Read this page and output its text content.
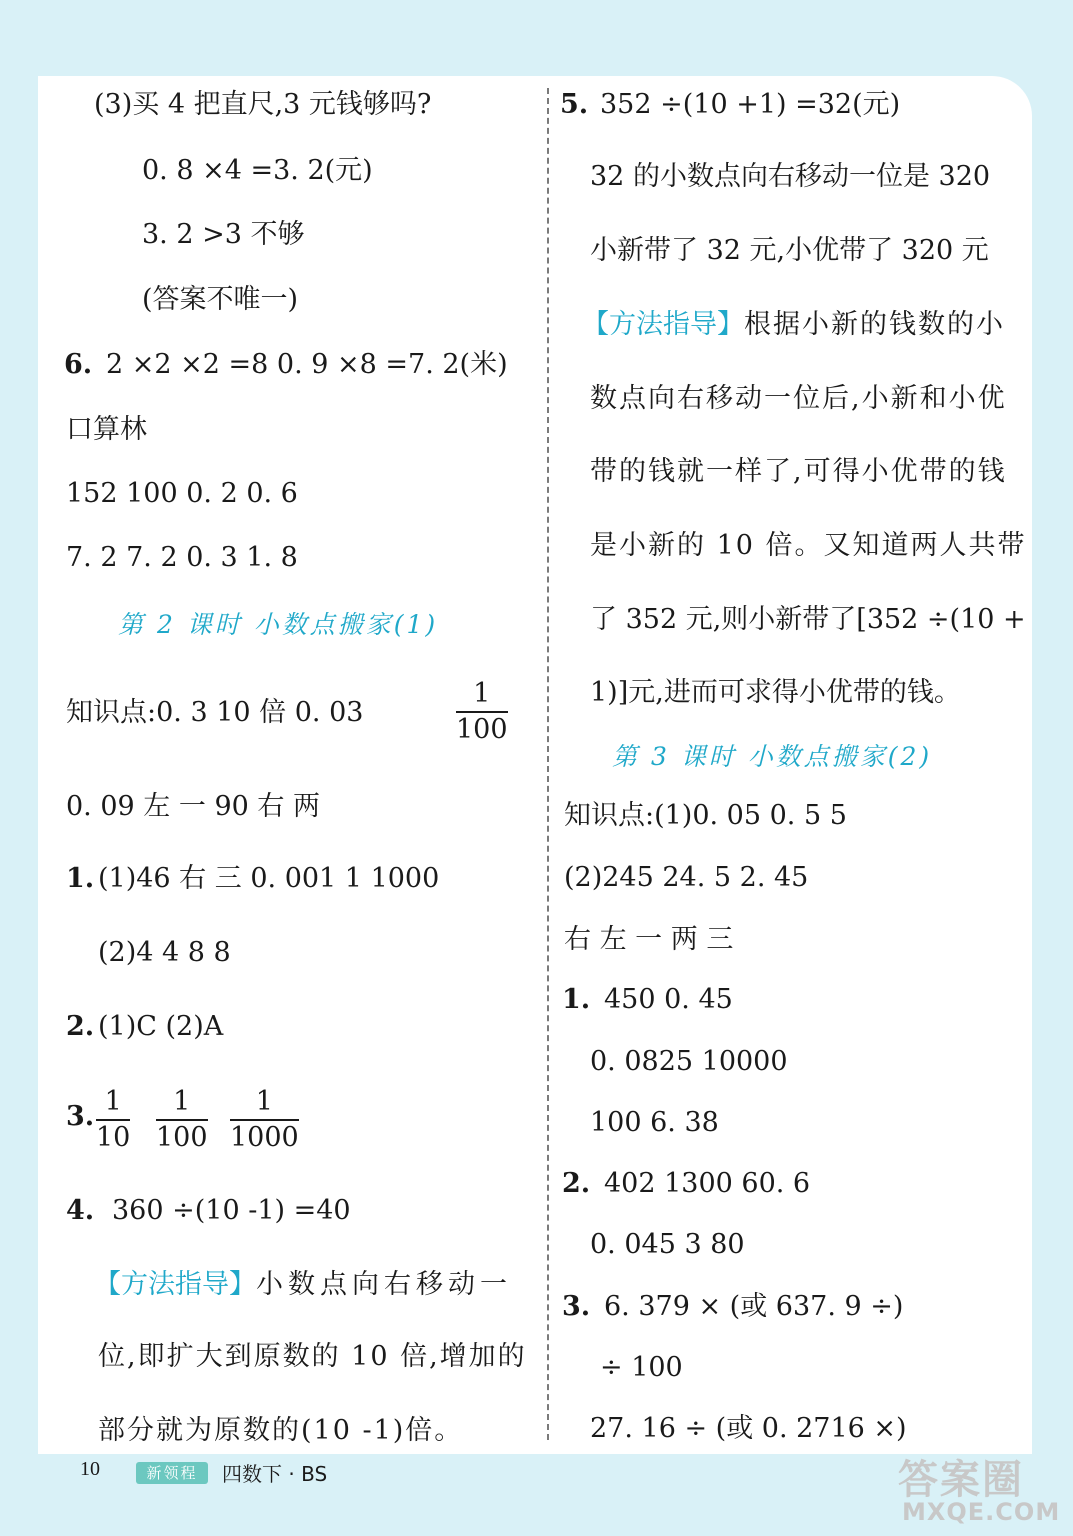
(3)买 4 把直尺,3 元钱够吗?
0. 8 ×4 =3. 2(元)
3. 2 >3 不够
(答案不唯一)
6. 2 ×2 ×2 =8 0. 9 ×8 =7. 2(米)
口算林
152 100 0. 2 0. 6
7. 2 7. 2 0. 3 1. 8
第 2 课时 小数点搬家(1)
知识点:0. 3 10 倍 0. 03
1
100
0. 09 左 一 90 右 两
1. (1)46 右 三 0. 001 1 1000
(2)4 4 8 8
2. (1)C (2)A
3. 1
10
1
100
1
1000
4. 360 ÷(10 -1) =40
【方法指导】小数点向右移动一
位,即扩大到原数的 10 倍,增加的
部分就为原数的(10 -1)倍。
5. 352 ÷(10 +1) =32(元)
32 的小数点向右移动一位是 320
小新带了 32 元,小优带了 320 元
【方法指导】根据小新的钱数的小
数点向右移动一位后,小新和小优
带的钱就一样了,可得小优带的钱
是小新的 10 倍。又知道两人共带
了 352 元,则小新带了[352 ÷(10 +
1)]元,进而可求得小优带的钱。
第 3 课时 小数点搬家(2)
知识点:(1)0. 05 0. 5 5
(2)245 24. 5 2. 45
右 左 一 两 三
1. 450 0. 45
0. 0825 10000
100 6. 38
2. 402 1300 60. 6
0. 045 3 80
3. 6. 379 × (或 637. 9 ÷)
÷ 100
27. 16 ÷ (或 0. 2716 ×)
10	新领程	四数下 · BS	答案圈
MXQE.COM
